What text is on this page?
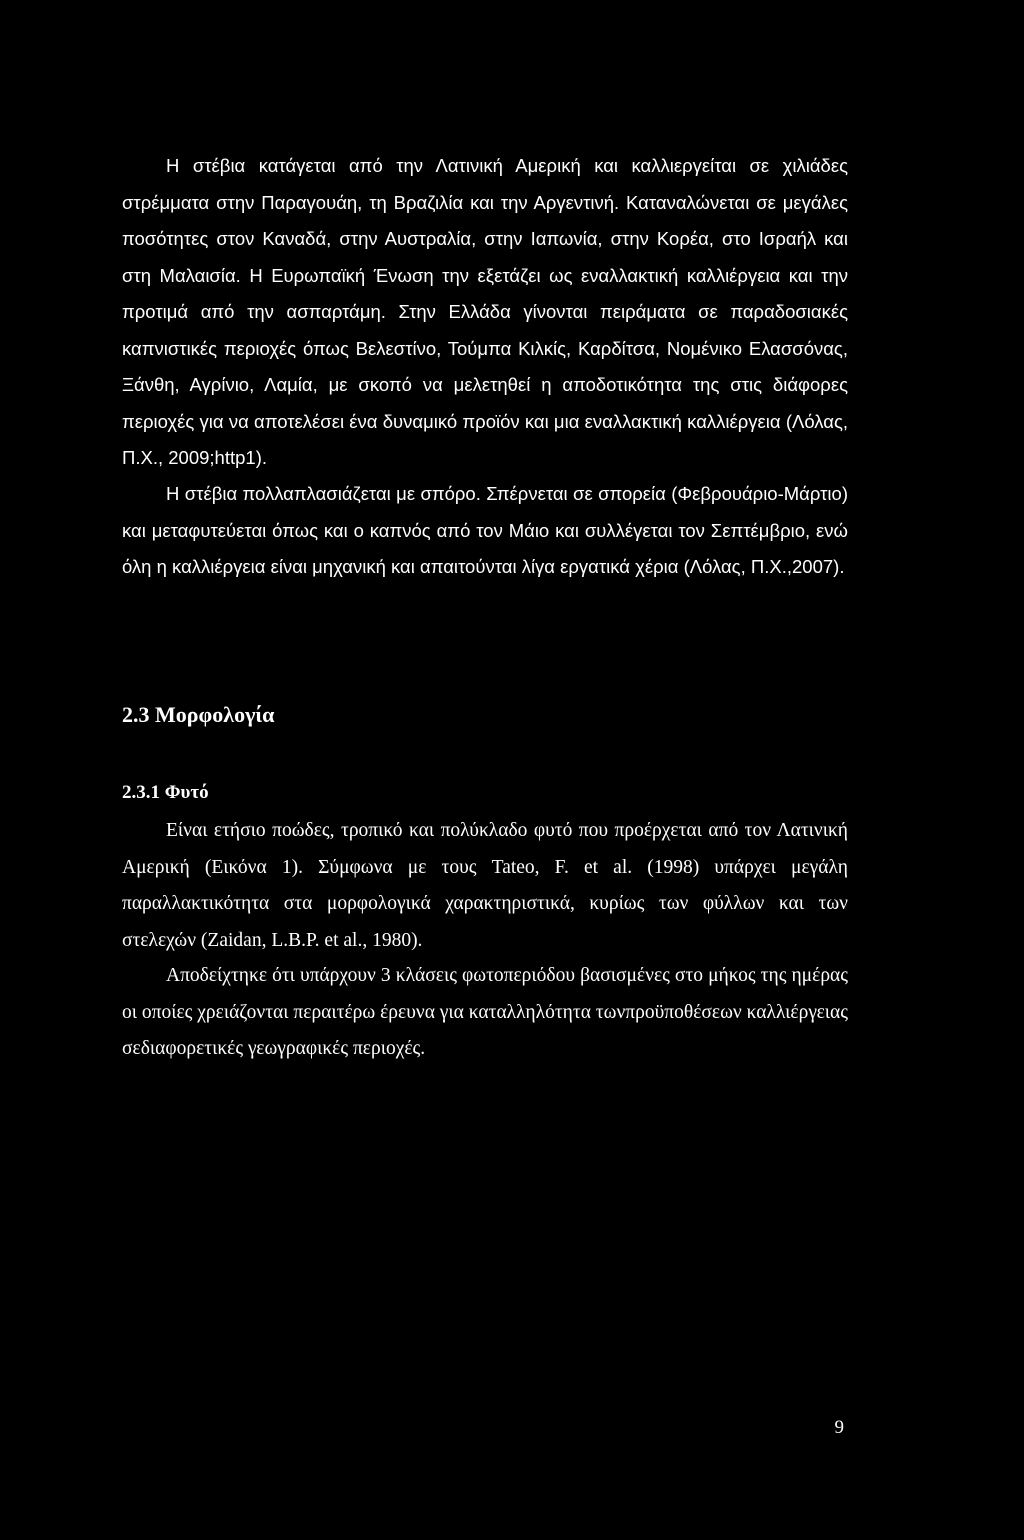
Η στέβια κατάγεται από την Λατινική Αμερική και καλλιεργείται σε χιλιάδες στρέμματα στην Παραγουάη, τη Βραζιλία και την Αργεντινή. Καταναλώνεται σε μεγάλες ποσότητες στον Καναδά, στην Αυστραλία, στην Ιαπωνία, στην Κορέα, στο Ισραήλ και στη Μαλαισία. Η Ευρωπαϊκή Ένωση την εξετάζει ως εναλλακτική καλλιέργεια και την προτιμά από την ασπαρτάμη. Στην Ελλάδα γίνονται πειράματα σε παραδοσιακές καπνιστικές περιοχές όπως Βελεστίνο, Τούμπα Κιλκίς, Καρδίτσα, Νομένικο Ελασσόνας, Ξάνθη, Αγρίνιο, Λαμία, με σκοπό να μελετηθεί η αποδοτικότητα της στις διάφορες περιοχές για να αποτελέσει ένα δυναμικό προϊόν και μια εναλλακτική καλλιέργεια (Λόλας, Π.Χ., 2009;http1).

Η στέβια πολλαπλασιάζεται με σπόρο. Σπέρνεται σε σπορεία (Φεβρουάριο-Μάρτιο) και μεταφυτεύεται όπως και ο καπνός από τον Μάιο και συλλέγεται τον Σεπτέμβριο, ενώ όλη η καλλιέργεια είναι μηχανική και απαιτούνται λίγα εργατικά χέρια (Λόλας, Π.Χ.,2007).

2.3 Μορφολογία
2.3.1 Φυτό

Είναι ετήσιο ποώδες, τροπικό και πολύκλαδο φυτό που προέρχεται από τον Λατινική Αμερική (Εικόνα 1). Σύμφωνα με τους Tateo, F. et al. (1998) υπάρχει μεγάλη παραλλακτικότητα στα μορφολογικά χαρακτηριστικά, κυρίως των φύλλων και των στελεχών (Zaidan, L.B.P. et al., 1980).

Αποδείχτηκε ότι υπάρχουν 3 κλάσεις φωτοπεριόδου βασισμένες στο μήκος της ημέρας οι οποίες χρειάζονται περαιτέρω έρευνα για καταλληλότητα τωνπροϋποθέσεων καλλιέργειας σεδιαφορετικές γεωγραφικές περιοχές.

9
